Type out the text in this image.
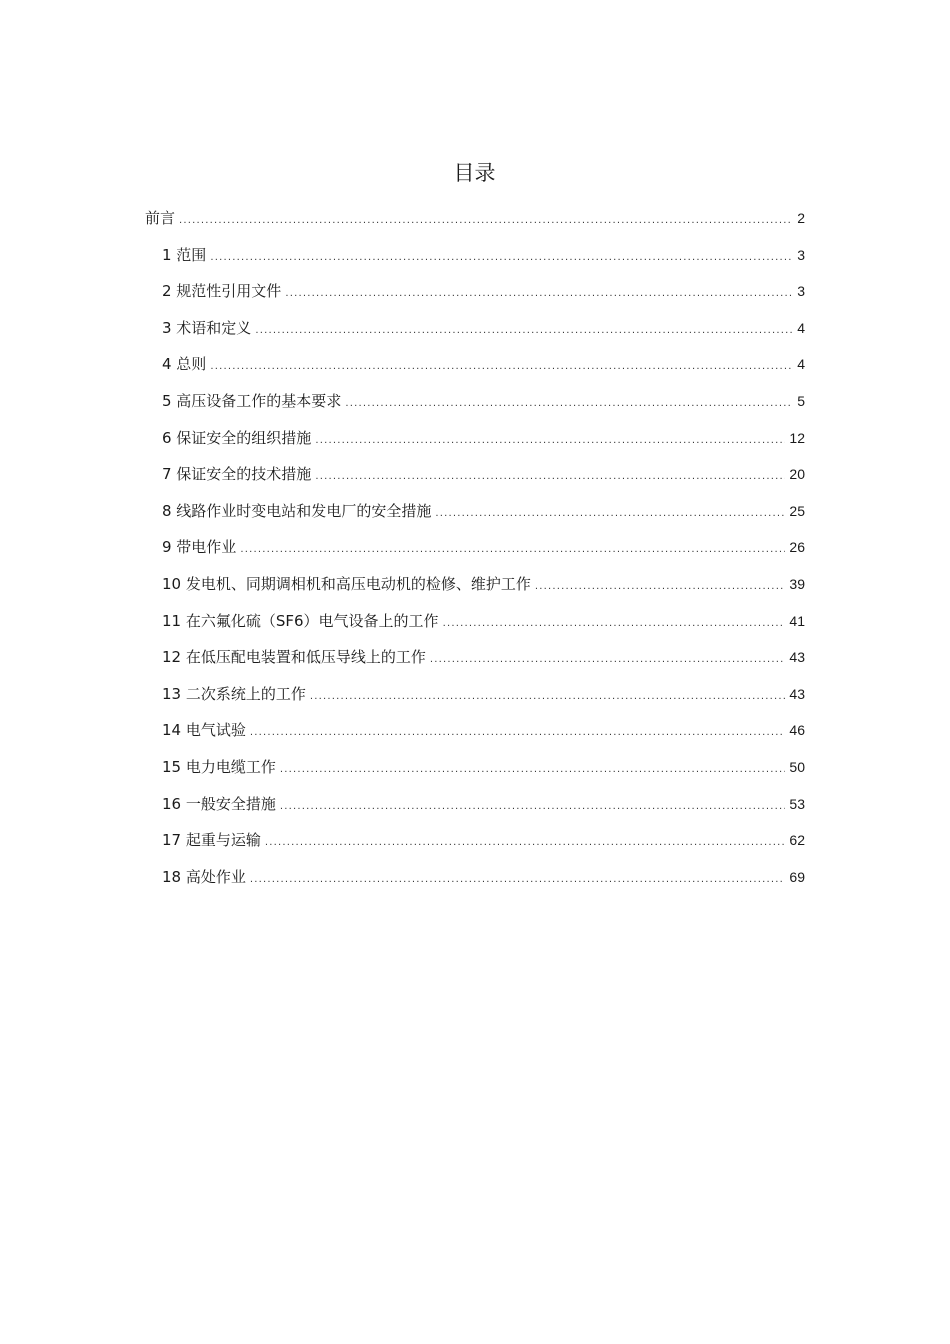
目录
前言 .....	2
1 范围 .....	3
2 规范性引用文件 .....	3
3 术语和定义 .....	4
4 总则 .....	4
5 高压设备工作的基本要求 .....	5
6 保证安全的组织措施 .....	12
7 保证安全的技术措施 .....	20
8 线路作业时变电站和发电厂的安全措施 .....	25
9 带电作业 .....	26
10 发电机、同期调相机和高压电动机的检修、维护工作 .....	39
11 在六氟化硫（SF6）电气设备上的工作 .....	41
12 在低压配电装置和低压导线上的工作 .....	43
13 二次系统上的工作 .....	43
14 电气试验 .....	46
15 电力电缆工作 .....	50
16 一般安全措施 .....	53
17 起重与运输 .....	62
18 高处作业 .....	69
